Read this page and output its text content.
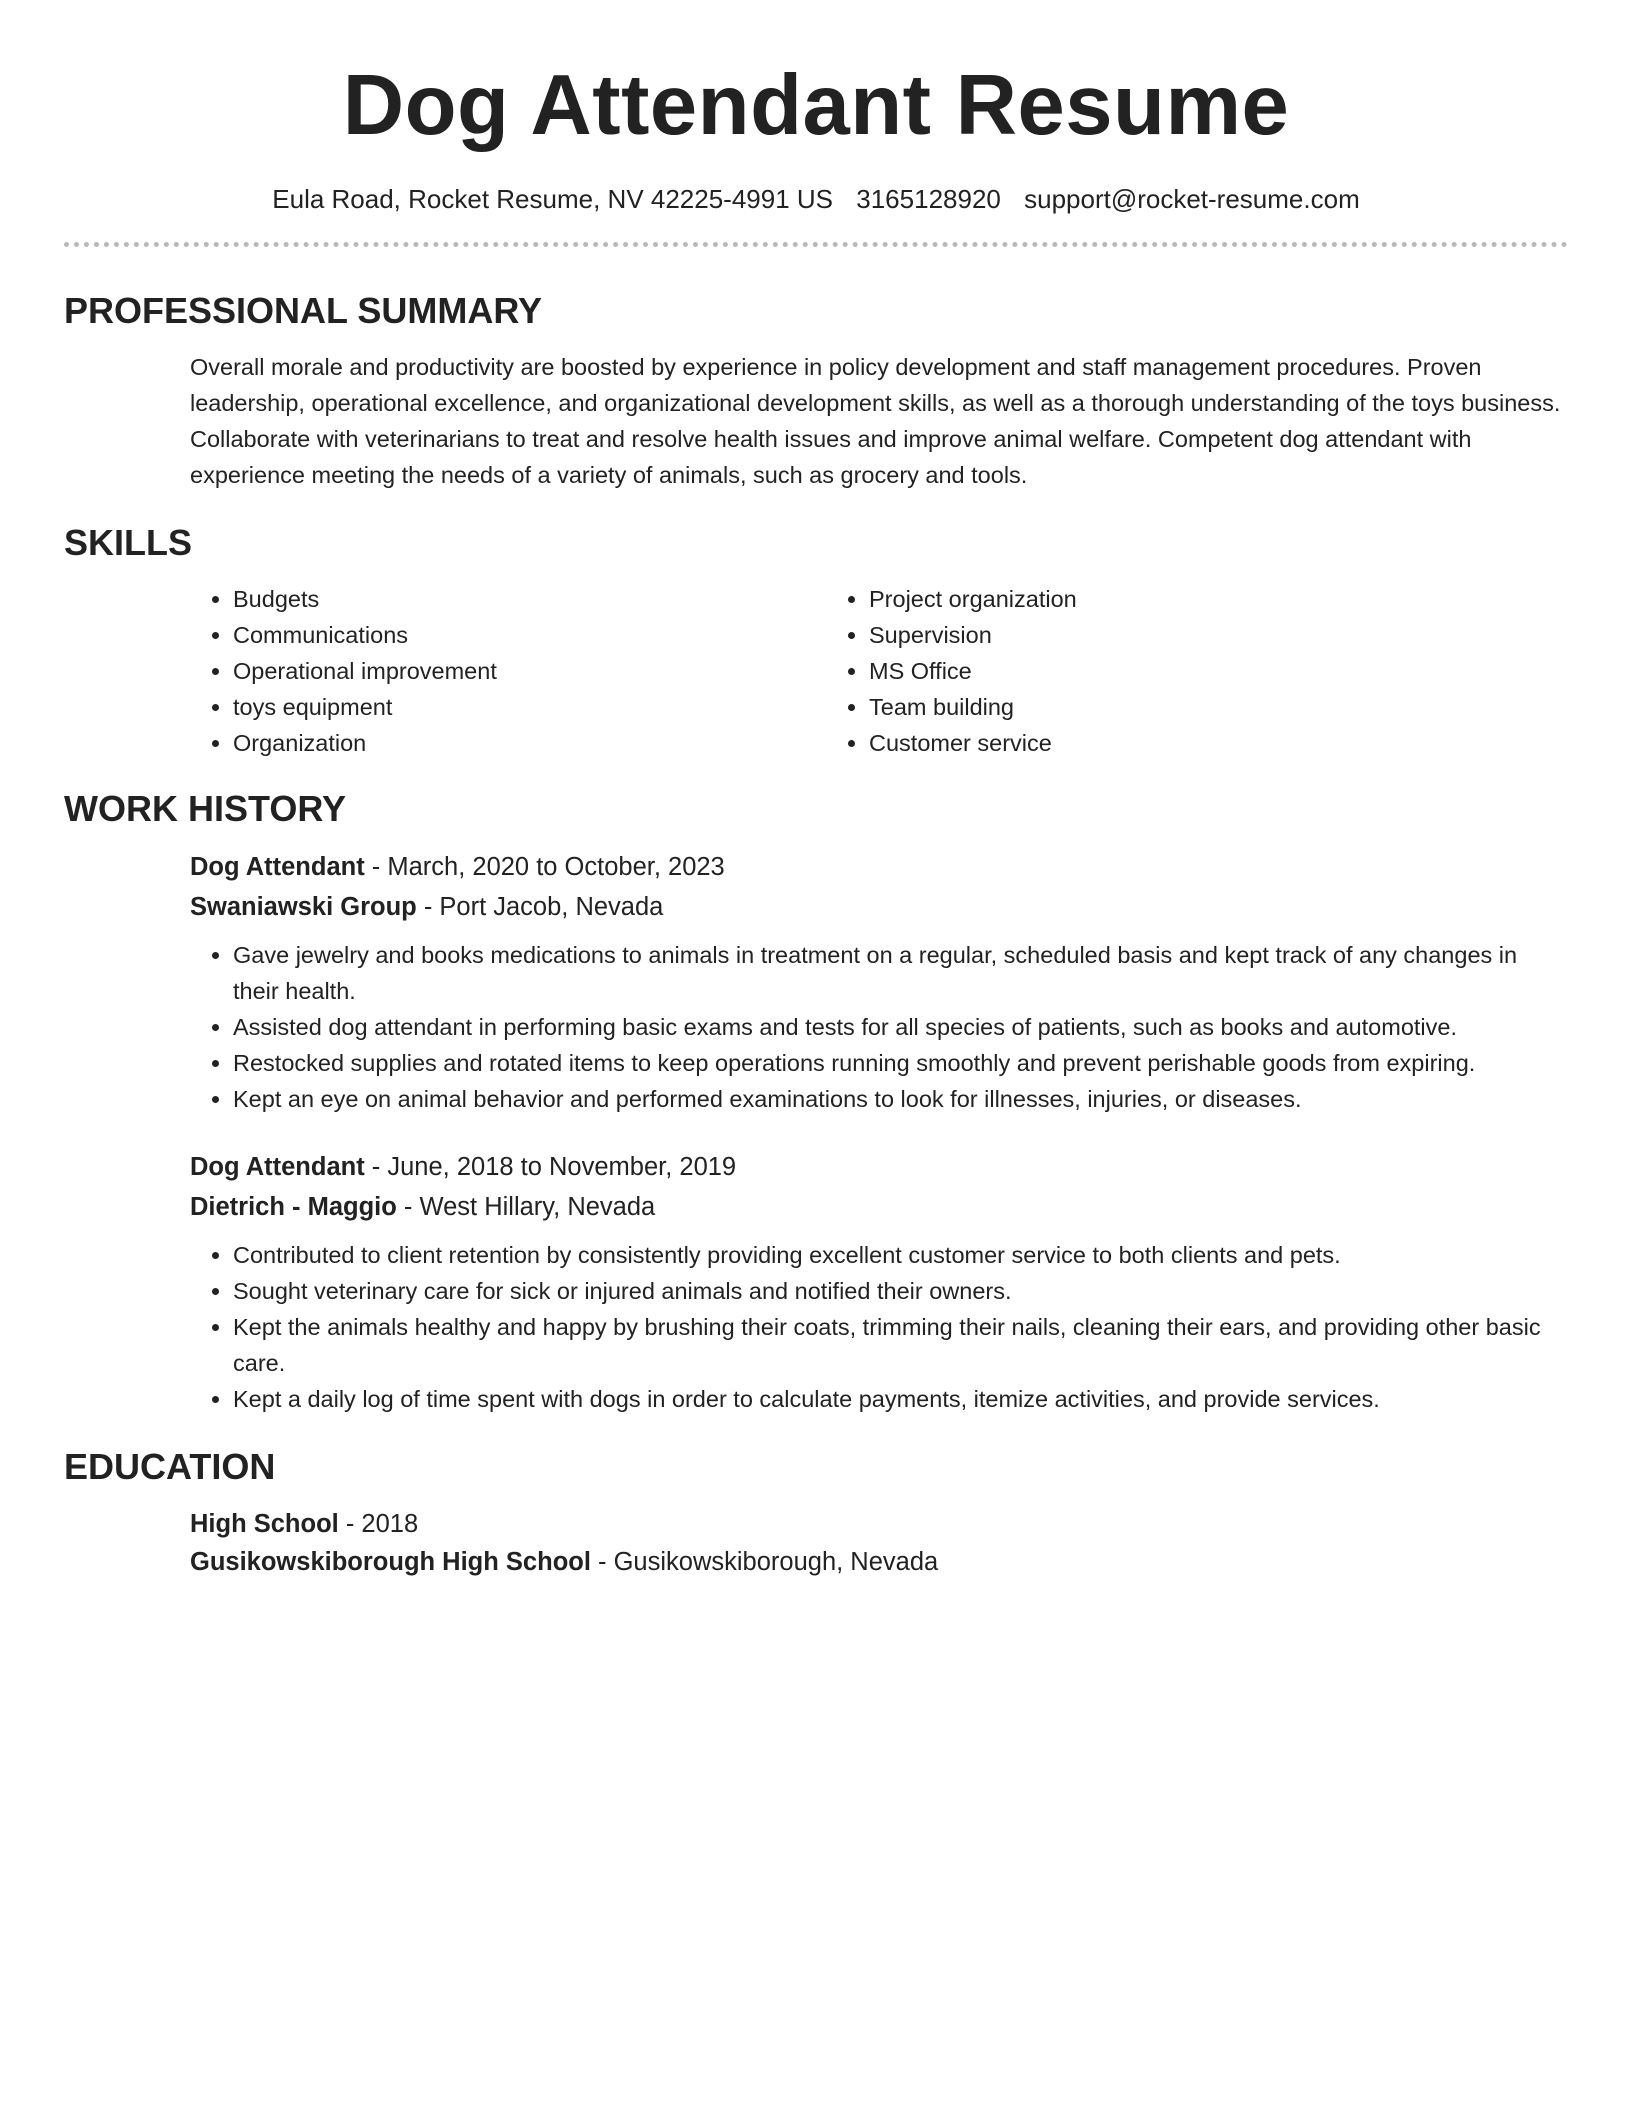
Dog Attendant Resume
Eula Road, Rocket Resume, NV 42225-4991 US 3165128920 support@rocket-resume.com
PROFESSIONAL SUMMARY

Overall morale and productivity are boosted by experience in policy development and staff management procedures. Proven leadership, operational excellence, and organizational development skills, as well as a thorough understanding of the toys business. Collaborate with veterinarians to treat and resolve health issues and improve animal welfare. Competent dog attendant with experience meeting the needs of a variety of animals, such as grocery and tools.

SKILLS
• Budgets
• Communications
• Operational improvement
• toys equipment
• Organization
• Project organization
• Supervision
• MS Office
• Team building
• Customer service
WORK HISTORY
Dog Attendant - March, 2020 to October, 2023
Swaniawski Group - Port Jacob, Nevada
• Gave jewelry and books medications to animals in treatment on a regular, scheduled basis and kept track of any changes in their health.
• Assisted dog attendant in performing basic exams and tests for all species of patients, such as books and automotive.
• Restocked supplies and rotated items to keep operations running smoothly and prevent perishable goods from expiring.
• Kept an eye on animal behavior and performed examinations to look for illnesses, injuries, or diseases.
Dog Attendant - June, 2018 to November, 2019
Dietrich - Maggio - West Hillary, Nevada
• Contributed to client retention by consistently providing excellent customer service to both clients and pets.
• Sought veterinary care for sick or injured animals and notified their owners.
• Kept the animals healthy and happy by brushing their coats, trimming their nails, cleaning their ears, and providing other basic care.
• Kept a daily log of time spent with dogs in order to calculate payments, itemize activities, and provide services.
EDUCATION
High School - 2018
Gusikowskiborough High School - Gusikowskiborough, Nevada
